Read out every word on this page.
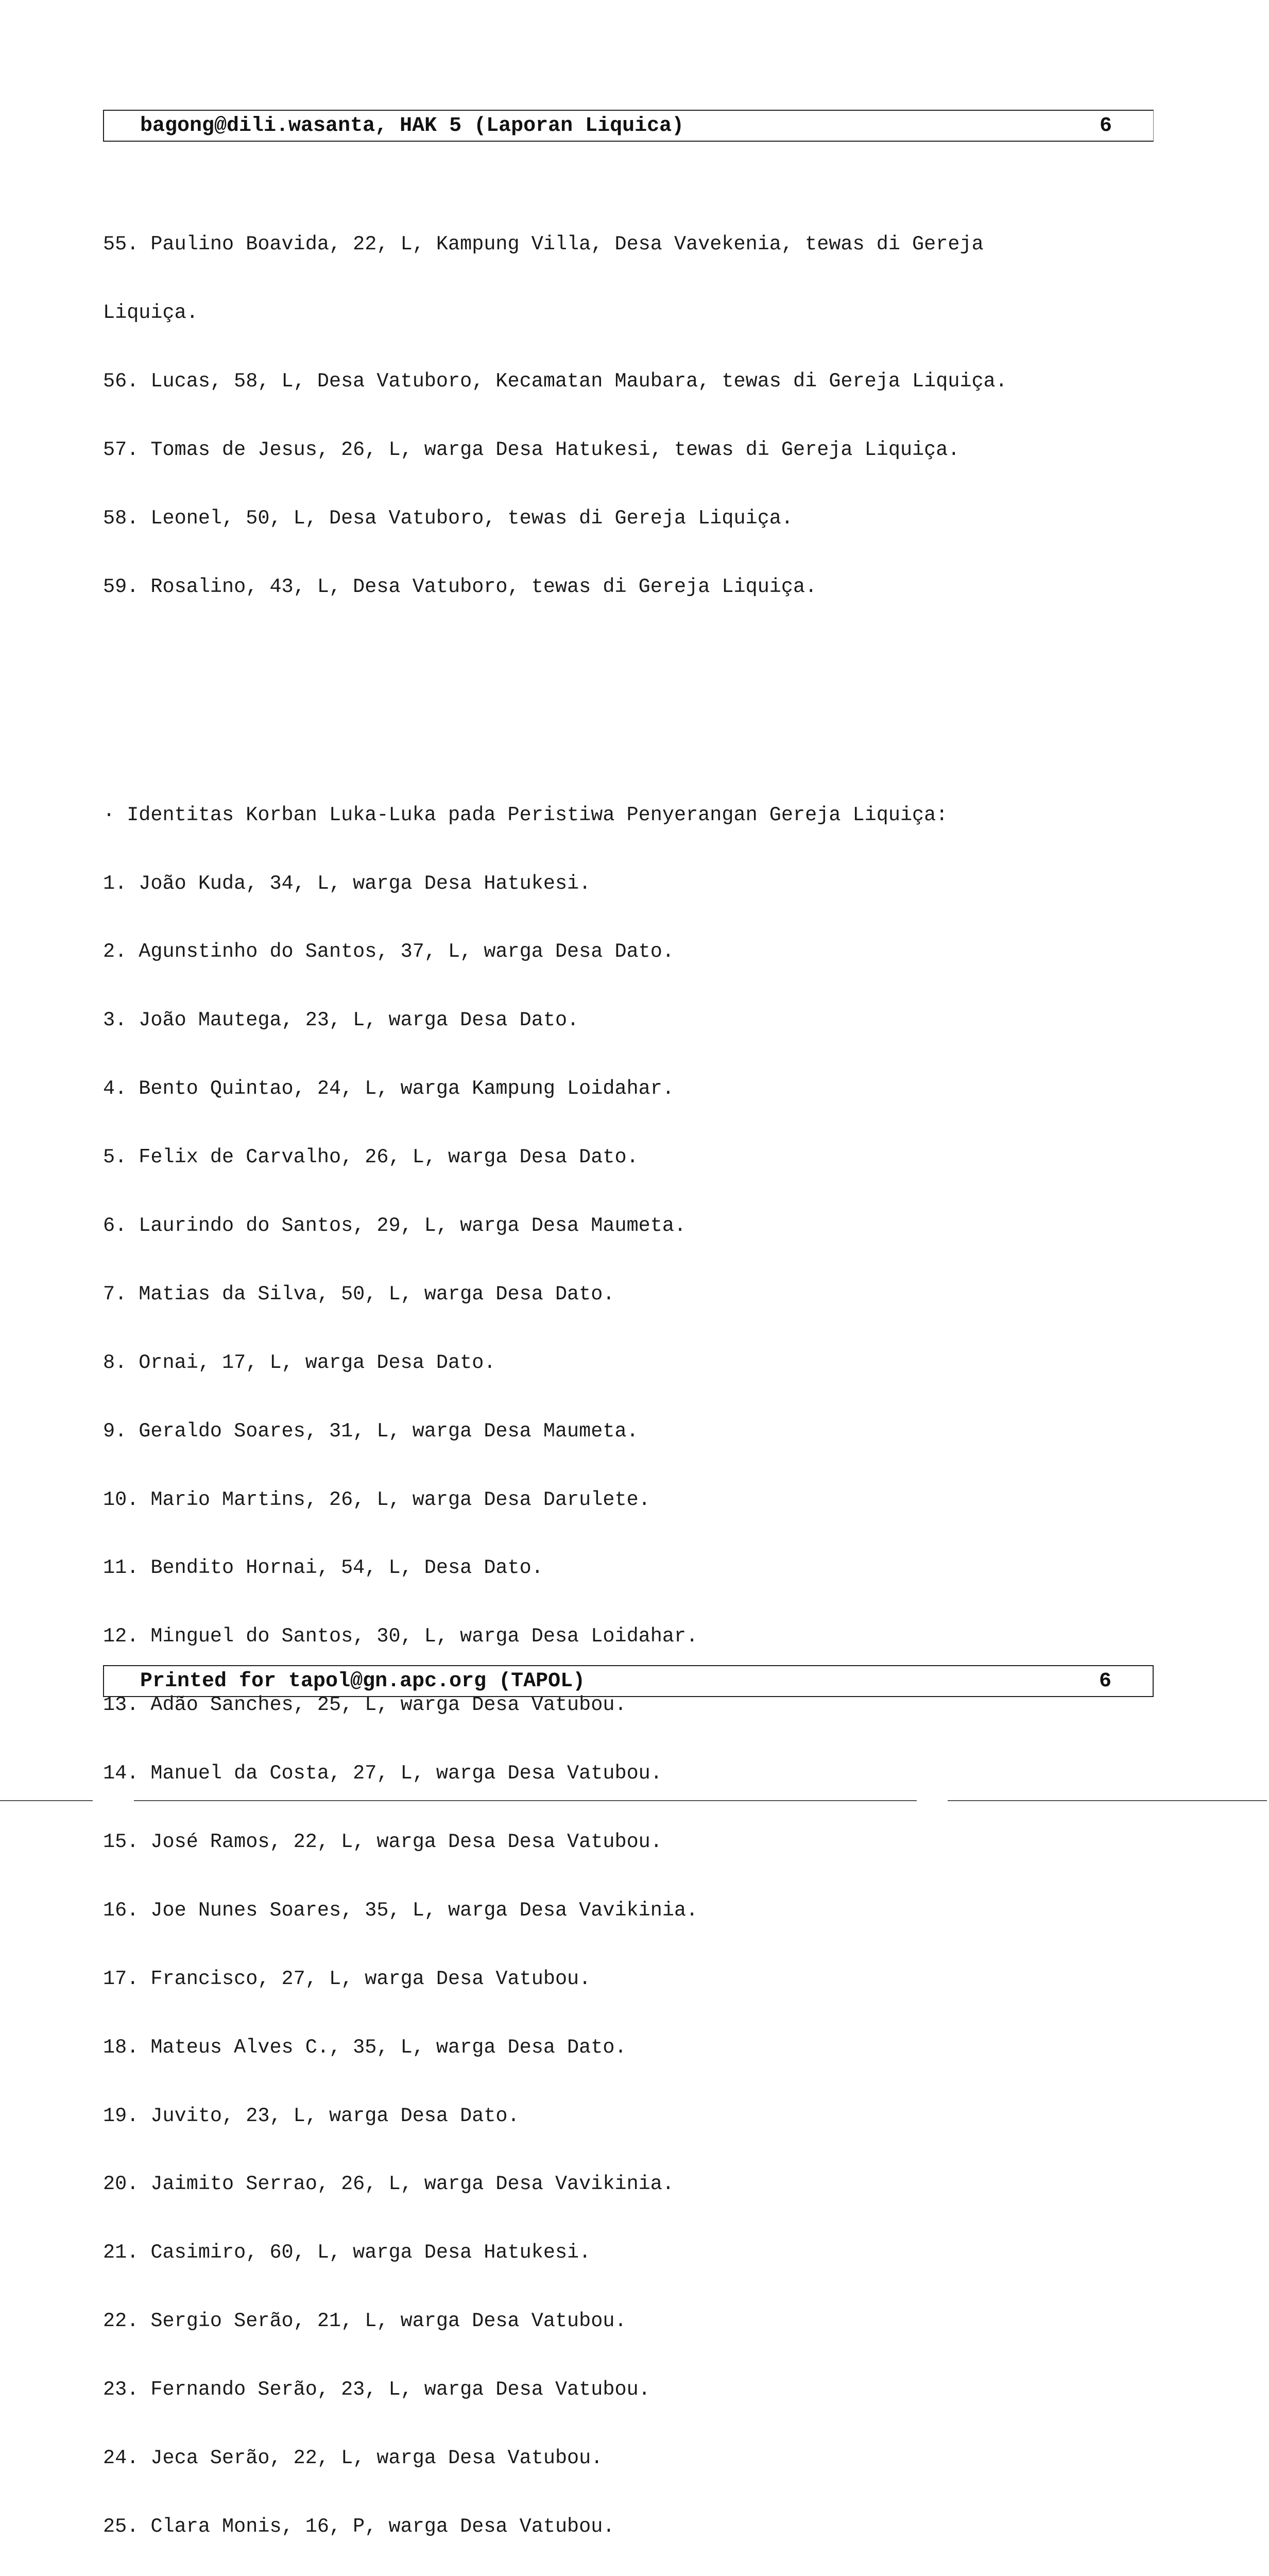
bagong@dili.wasanta, HAK 5 (Laporan Liquica)	6

55. Paulino Boavida, 22, L, Kampung Villa, Desa Vavekenia, tewas di Gereja

Liquiça.

56. Lucas, 58, L, Desa Vatuboro, Kecamatan Maubara, tewas di Gereja Liquiça.

57. Tomas de Jesus, 26, L, warga Desa Hatukesi, tewas di Gereja Liquiça.

58. Leonel, 50, L, Desa Vatuboro, tewas di Gereja Liquiça.

59. Rosalino, 43, L, Desa Vatuboro, tewas di Gereja Liquiça.

· Identitas Korban Luka-Luka pada Peristiwa Penyerangan Gereja Liquiça:

1. João Kuda, 34, L, warga Desa Hatukesi.

2. Agunstinho do Santos, 37, L, warga Desa Dato.

3. João Mautega, 23, L, warga Desa Dato.

4. Bento Quintao, 24, L, warga Kampung Loidahar.

5. Felix de Carvalho, 26, L, warga Desa Dato.

6. Laurindo do Santos, 29, L, warga Desa Maumeta.

7. Matias da Silva, 50, L, warga Desa Dato.

8. Ornai, 17, L, warga Desa Dato.

9. Geraldo Soares, 31, L, warga Desa Maumeta.

10. Mario Martins, 26, L, warga Desa Darulete.

11. Bendito Hornai, 54, L, Desa Dato.

12. Minguel do Santos, 30, L, warga Desa Loidahar.

13. Adão Sanches, 25, L, warga Desa Vatubou.

14. Manuel da Costa, 27, L, warga Desa Vatubou.

15. José Ramos, 22, L, warga Desa Desa Vatubou.

16. Joe Nunes Soares, 35, L, warga Desa Vavikinia.

17. Francisco, 27, L, warga Desa Vatubou.

18. Mateus Alves C., 35, L, warga Desa Dato.

19. Juvito, 23, L, warga Desa Dato.

20. Jaimito Serrao, 26, L, warga Desa Vavikinia.

21. Casimiro, 60, L, warga Desa Hatukesi.

22. Sergio Serão, 21, L, warga Desa Vatubou.

23. Fernando Serão, 23, L, warga Desa Vatubou.

24. Jeca Serão, 22, L, warga Desa Vatubou.

25. Clara Monis, 16, P, warga Desa Vatubou.

Printed for tapol@gn.apc.org (TAPOL)	6
